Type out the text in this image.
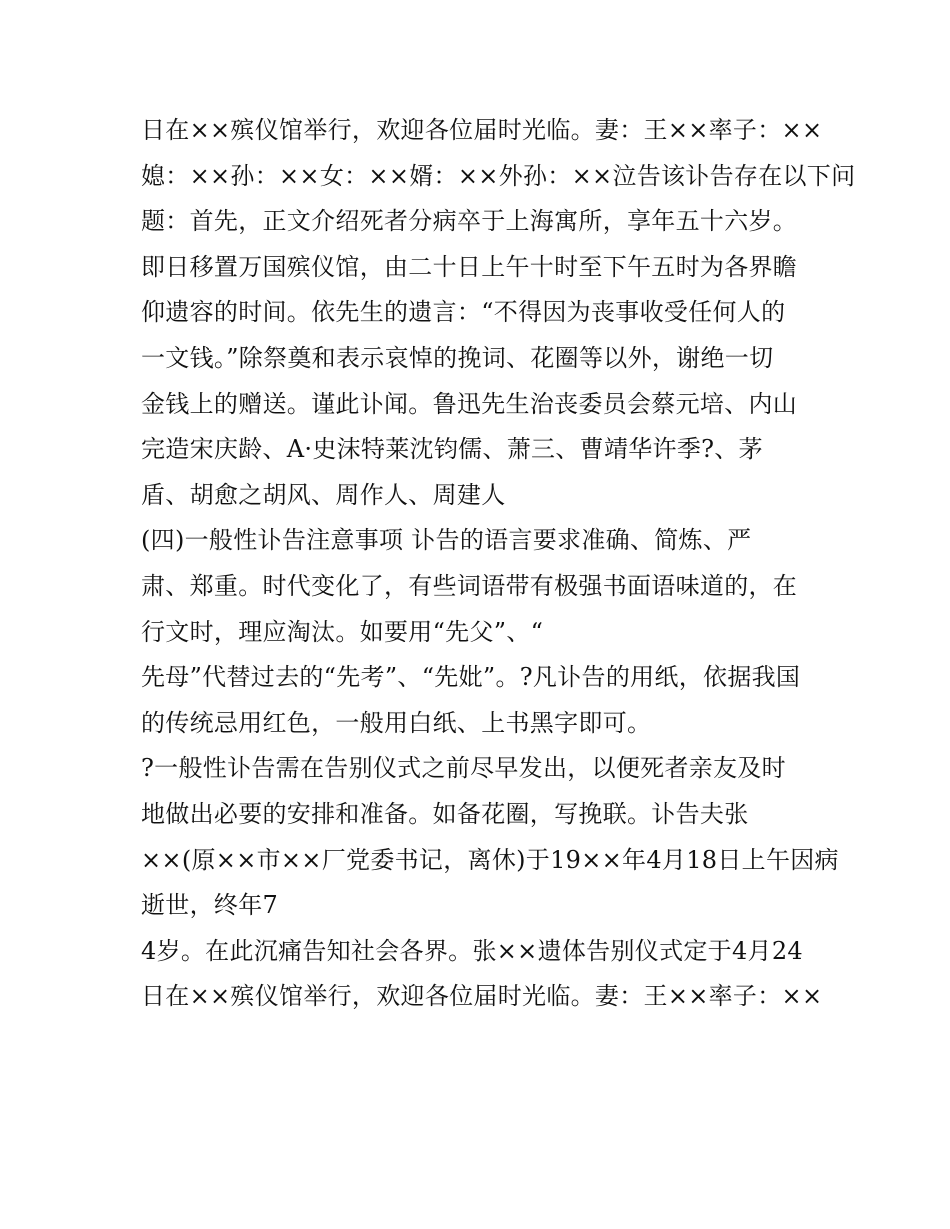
日在××殡仪馆举行，欢迎各位届时光临。妻：王××率子：××
媳：××孙：××女：××婿：××外孙：××泣告该讣告存在以下问
题：首先，正文介绍死者分病卒于上海寓所，享年五十六岁。
即日移置万国殡仪馆，由二十日上午十时至下午五时为各界瞻
仰遗容的时间。依先生的遗言：“不得因为丧事收受任何人的
一文钱。”除祭奠和表示哀悼的挽词、花圈等以外，谢绝一切
金钱上的赠送。谨此讣闻。鲁迅先生治丧委员会蔡元培、内山
完造宋庆龄、A·史沫特莱沈钧儒、萧三、曹靖华许季?、茅
盾、胡愈之胡风、周作人、周建人
(四)一般性讣告注意事项 讣告的语言要求准确、简炼、严
肃、郑重。时代变化了，有些词语带有极强书面语味道的，在
行文时，理应淘汰。如要用“先父”、“
先母”代替过去的“先考”、“先妣”。?凡讣告的用纸，依据我国
的传统忌用红色，一般用白纸、上书黑字即可。
?一般性讣告需在告别仪式之前尽早发出，以便死者亲友及时
地做出必要的安排和准备。如备花圈，写挽联。讣告夫张
××(原××市××厂党委书记，离休)于19××年4月18日上午因病
逝世，终年7
4岁。在此沉痛告知社会各界。张××遗体告别仪式定于4月24
日在××殡仪馆举行，欢迎各位届时光临。妻：王××率子：××
